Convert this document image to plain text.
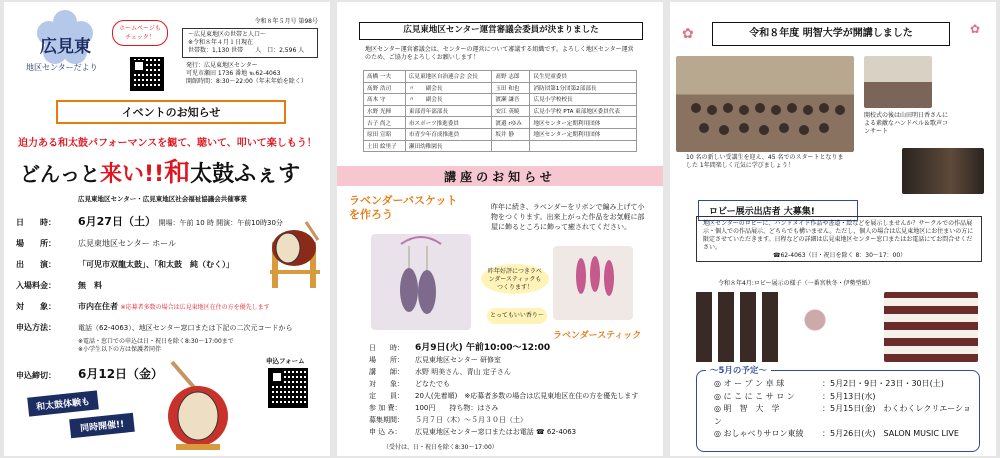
広見東
地区センターだより
ホームページも
チェック！
令和８年５月号 第98号
～広見東地区の世帯と人口～
※令和８年４月１日現在
世帯数：1,130 世帯　　人　口：2,596 人
発行：広見東地区センター
可児市瀬田 1736 番地 ℡62-4063
開館時間：8:30～22:00（年末年始を除く）
イベントのお知らせ
迫力ある和太鼓パフォーマンスを観て、聴いて、叩いて楽しもう！
どんっと来い!!和太鼓ふぇす
広見東地区センター・広見東地区社会福祉協議会共催事業
日　　時： 6月27日（土） 開場：午前 10 時 開演：午前10時30分
場　　所：	広見東地区センター ホール
出　　演：	「可児市双龍太鼓」、「和太鼓　純（むく）」
入場料金：	無　料
対　　象：	市内在住者 ※応募者多数の場合は広見東地区在住の方を優先します
申込方法：	電話（62-4063）、地区センター窓口または下記の二次元コードから
※電話・窓口での申込は日・祝日を除く8:30～17:00まで
※小学生以下の方は保護者同伴
申込フォーム
申込締切： 6月12日（金）
和太鼓体験も
同時開催!!
広見東地区センター運営審議会委員が決まりました
地区センター運営審議会は、センターの運営について審議する組織です。よろしく地区センター運営のため、ご協力をよろしくお願いします！
髙橋 一夫	広見東地区自治連合会 会長	髙野 志郎	民生児童委員
髙野 浩司	〃　　副会長	玉田 和也	消防団第1分団第2部部長
髙木 守	〃　　副会長	渡瀬 謙吾	広見小学校校長
水野 光揮	東部青年部部長	安江 英暁	広見小学校 PTA 東部地区委員代表
吉子 尚之	市スポーツ推進委員	渡邉 rゆみ	地区センター定期利用団体
原田 宣昭	市青少年育成推進員	坂井 静	地区センター定期利用団体
土田 絵里子	瀬田幼稚園長		
講座のお知らせ
ラベンダーバスケット
を作ろう
昨年に続き、ラベンダーをリボンで編み上げて小物をつくります。出来上がった作品をお気軽に部屋に飾るところに飾って癒されてください。
昨年好評につきラベンダースティックもつくります！
とってもいい香り～
ラベンダースティック
日　　時： 6月9日(火) 午前10:00～12:00
場　　所： 広見東地区センター 研修室
講　　師： 水野 明美さん、青山 定子さん
対　　象： どなたでも
定　　員： 20人(先着順)　※応募者多数の場合は広見東地区在住の方を優先します
参 加 費： 100円　　持ち物：はさみ
募集期間： ５月７日（木）～５月３０日（土）
申 込 み： 広見東地区センター窓口またはお電話 ☎ 62-4063
（受付は、日・祝日を除く8:30～17:00）
✿	✿
令和８年度 明智大学が開講しました
開校式の後は山田明日香さんによる素敵なハンドベル＆歌声コンサート
10 名の新しい受講生を迎え、45 名でのスタートとなりました 1年間楽しく元気に学びましょう！
ロビー展示出店者 大募集!
地区センターのロビーに、ハンドメイド作品や書道・絵などを展示しませんか？サークルでの作品展示・個人での作品展示、どちらでも構いません。ただし、個人の場合は広見東地区にお住まいの方に限定させていただきます。日程などの詳細は広見東地区センター窓口またはお電話にてお問合せください。
☎62-4063（日・祝日を除く 8：30～17：00）
令和８年4月:ロビー展示の様子（一番宮秋冬・伊勢型紙）
～5月の予定～
◎ オ ー プ ン 卓 球	：5月2日・9日・23日・30日(土)
◎ に こ に こ サ ロ ン	：5月13日(水)
◎ 明　智　大　学	：5月15日(金)　わくわくレクリエーション
◎ おしゃべりサロン東綾 ：5月26日(火)　SALON MUSIC LIVE
